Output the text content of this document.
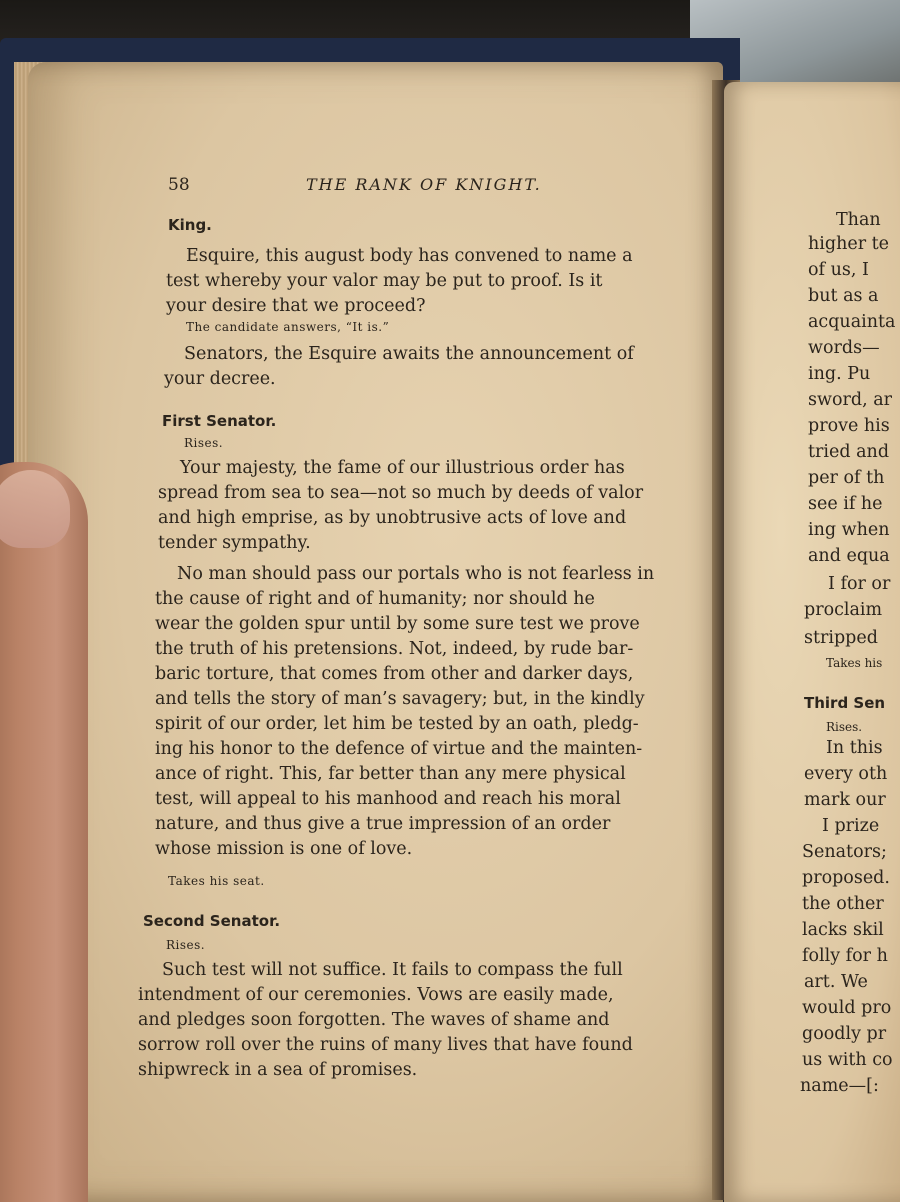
58	THE RANK OF KNIGHT.
King.
Esquire, this august body has convened to name a
test whereby your valor may be put to proof. Is it
your desire that we proceed?
The candidate answers, “It is.”
Senators, the Esquire awaits the announcement of
your decree.
First Senator.
Rises.
Your majesty, the fame of our illustrious order has
spread from sea to sea—not so much by deeds of valor
and high emprise, as by unobtrusive acts of love and
tender sympathy.
No man should pass our portals who is not fearless in
the cause of right and of humanity; nor should he
wear the golden spur until by some sure test we prove
the truth of his pretensions. Not, indeed, by rude bar-
baric torture, that comes from other and darker days,
and tells the story of man’s savagery; but, in the kindly
spirit of our order, let him be tested by an oath, pledg-
ing his honor to the defence of virtue and the mainten-
ance of right. This, far better than any mere physical
test, will appeal to his manhood and reach his moral
nature, and thus give a true impression of an order
whose mission is one of love.
Takes his seat.
Second Senator.
Rises.
Such test will not suffice. It fails to compass the full
intendment of our ceremonies. Vows are easily made,
and pledges soon forgotten. The waves of shame and
sorrow roll over the ruins of many lives that have found
shipwreck in a sea of promises.
Than
higher te
of us, I
but as a
acquainta
words—
ing. Pu
sword, ar
prove his
tried and
per of th
see if he
ing when
and equa
I for or
proclaim
stripped
Takes his
Third Sen
Rises.
In this
every oth
mark our
I prize
Senators;
proposed.
the other
lacks skil
folly for h
art. We
would pro
goodly pr
us with co
name—[:
